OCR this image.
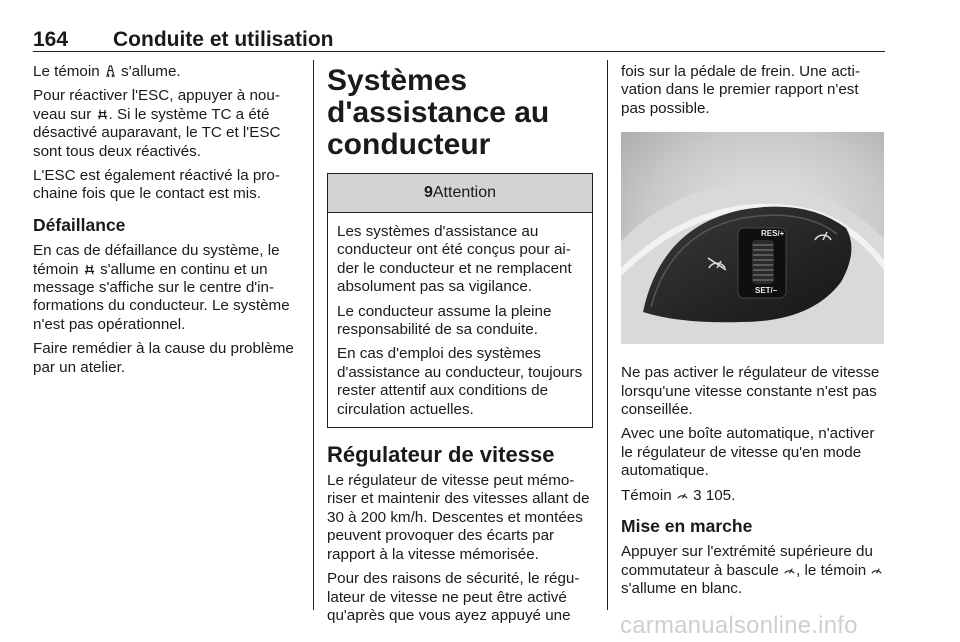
164 Conduite et utilisation

Le témoin s'allume.

Pour réactiver l'ESC, appuyer à nouveau sur . Si le système TC a été désactivé auparavant, le TC et l'ESC sont tous deux réactivés.

L'ESC est également réactivé la prochaine fois que le contact est mis.

Défaillance

En cas de défaillance du système, le témoin s'allume en continu et un message s'affiche sur le centre d'informations du conducteur. Le système n'est pas opérationnel.

Faire remédier à la cause du problème par un atelier.

Systèmes d'assistance au conducteur
9Attention

Les systèmes d'assistance au conducteur ont été conçus pour aider le conducteur et ne remplacent absolument pas sa vigilance.

Le conducteur assume la pleine responsabilité de sa conduite.

En cas d'emploi des systèmes d'assistance au conducteur, toujours rester attentif aux conditions de circulation actuelles.

Régulateur de vitesse

Le régulateur de vitesse peut mémoriser et maintenir des vitesses allant de 30 à 200 km/h. Descentes et montées peuvent provoquer des écarts par rapport à la vitesse mémorisée.

Pour des raisons de sécurité, le régulateur de vitesse ne peut être activé qu'après que vous ayez appuyé une

fois sur la pédale de frein. Une activation dans le premier rapport n'est pas possible.

RES/+
SET/–

Ne pas activer le régulateur de vitesse lorsqu'une vitesse constante n'est pas conseillée.

Avec une boîte automatique, n'activer le régulateur de vitesse qu'en mode automatique.

Témoin 3 105.

Mise en marche

Appuyer sur l'extrémité supérieure du commutateur à bascule , le témoin  s'allume en blanc.

carmanualsonline.info
